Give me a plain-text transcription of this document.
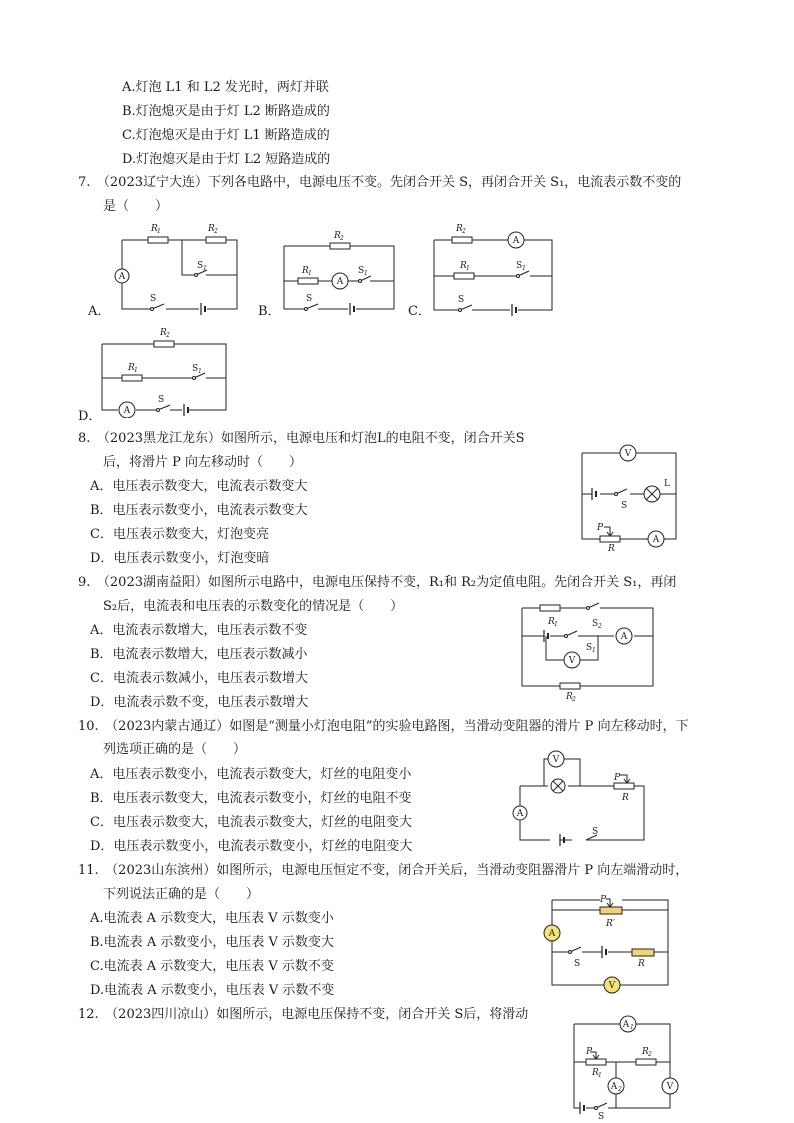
A.灯泡 L1 和 L2 发光时，两灯并联
B.灯泡熄灭是由于灯 L2 断路造成的
C.灯泡熄灭是由于灯 L1 断路造成的
D.灯泡熄灭是由于灯 L2 短路造成的
7.　（2023辽宁大连）下列各电路中，电源电压不变。先闭合开关 S，再闭合开关 S₁，电流表示数不变的
是（　　）
A．	B．	C．
D．
A
R 1	R 2
S 1
S
A
R 2
R 1	S 1
S
A
R 2
R 1	S 1
S
A
R 2
R 1	S 1
S
8.　（2023黑龙江龙东）如图所示，电源电压和灯泡L的电阻不变，闭合开关S
后，将滑片 P 向左移动时（　　）
A．电压表示数变大，电流表示数变大
B．电压表示数变小，电流表示数变大
C．电压表示数变大，灯泡变亮
D．电压表示数变小，灯泡变暗
V
A
L
S
P
R
9.　（2023湖南益阳）如图所示电路中，电源电压保持不变，R₁和 R₂为定值电阻。先闭合开关 S₁，再闭
S₂后，电流表和电压表的示数变化的情况是（　　）
A．电流表示数增大，电压表示数不变
B．电流表示数增大，电压表示数减小
C．电流表示数减小，电压表示数增大
D．电流表示数不变，电压表示数增大
A
V
R 1	S 2
S 1
R 2
10.　（2023内蒙古通辽）如图是“测量小灯泡电阻”的实验电路图，当滑动变阻器的滑片 P 向左移动时，下
列选项正确的是（　　）
A．电压表示数变小，电流表示数变大，灯丝的电阻变小
B．电压表示数变大，电流表示数变小，灯丝的电阻不变
C．电压表示数变大，电流表示数变大，灯丝的电阻变大
D．电压表示数变小，电流表示数变小，灯丝的电阻变大
V
A
P
R
S
11.　（2023山东滨州）如图所示，电源电压恒定不变，闭合开关后，当滑动变阻器滑片 P 向左端滑动时，
下列说法正确的是（　　）
A.电流表 A 示数变大，电压表 V 示数变小
B.电流表 A 示数变小，电压表 V 示数变大
C.电流表 A 示数变大，电压表 V 示数不变
D.电流表 A 示数变小，电压表 V 示数不变
A
V
P
R′
S	R
12.　（2023四川凉山）如图所示，电源电压保持不变，闭合开关 S后，将滑动
A 1
A 2	V
P
R 1
R 2
S
